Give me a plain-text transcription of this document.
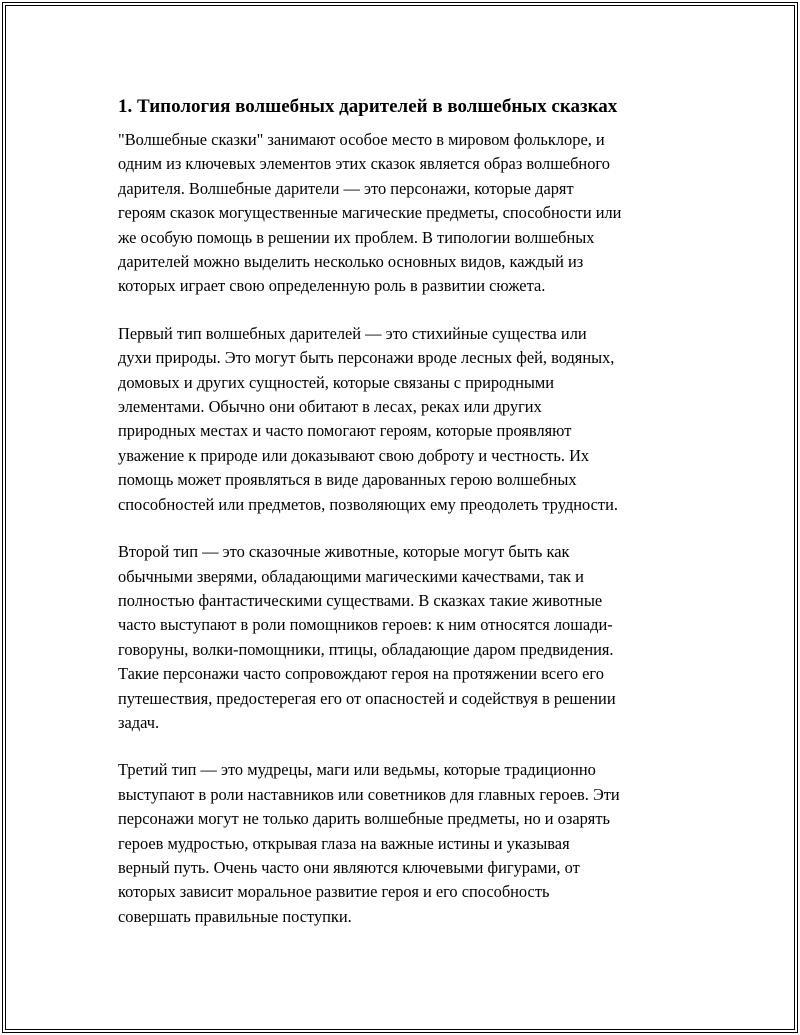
1. Типология волшебных дарителей в волшебных сказках
"Волшебные сказки" занимают особое место в мировом фольклоре, и
одним из ключевых элементов этих сказок является образ волшебного
дарителя. Волшебные дарители — это персонажи, которые дарят
героям сказок могущественные магические предметы, способности или
же особую помощь в решении их проблем. В типологии волшебных
дарителей можно выделить несколько основных видов, каждый из
которых играет свою определенную роль в развитии сюжета.
Первый тип волшебных дарителей — это стихийные существа или
духи природы. Это могут быть персонажи вроде лесных фей, водяных,
домовых и других сущностей, которые связаны с природными
элементами. Обычно они обитают в лесах, реках или других
природных местах и часто помогают героям, которые проявляют
уважение к природе или доказывают свою доброту и честность. Их
помощь может проявляться в виде дарованных герою волшебных
способностей или предметов, позволяющих ему преодолеть трудности.
Второй тип — это сказочные животные, которые могут быть как
обычными зверями, обладающими магическими качествами, так и
полностью фантастическими существами. В сказках такие животные
часто выступают в роли помощников героев: к ним относятся лошади-
говоруны, волки-помощники, птицы, обладающие даром предвидения.
Такие персонажи часто сопровождают героя на протяжении всего его
путешествия, предостерегая его от опасностей и содействуя в решении
задач.
Третий тип — это мудрецы, маги или ведьмы, которые традиционно
выступают в роли наставников или советников для главных героев. Эти
персонажи могут не только дарить волшебные предметы, но и озарять
героев мудростью, открывая глаза на важные истины и указывая
верный путь. Очень часто они являются ключевыми фигурами, от
которых зависит моральное развитие героя и его способность
совершать правильные поступки.
